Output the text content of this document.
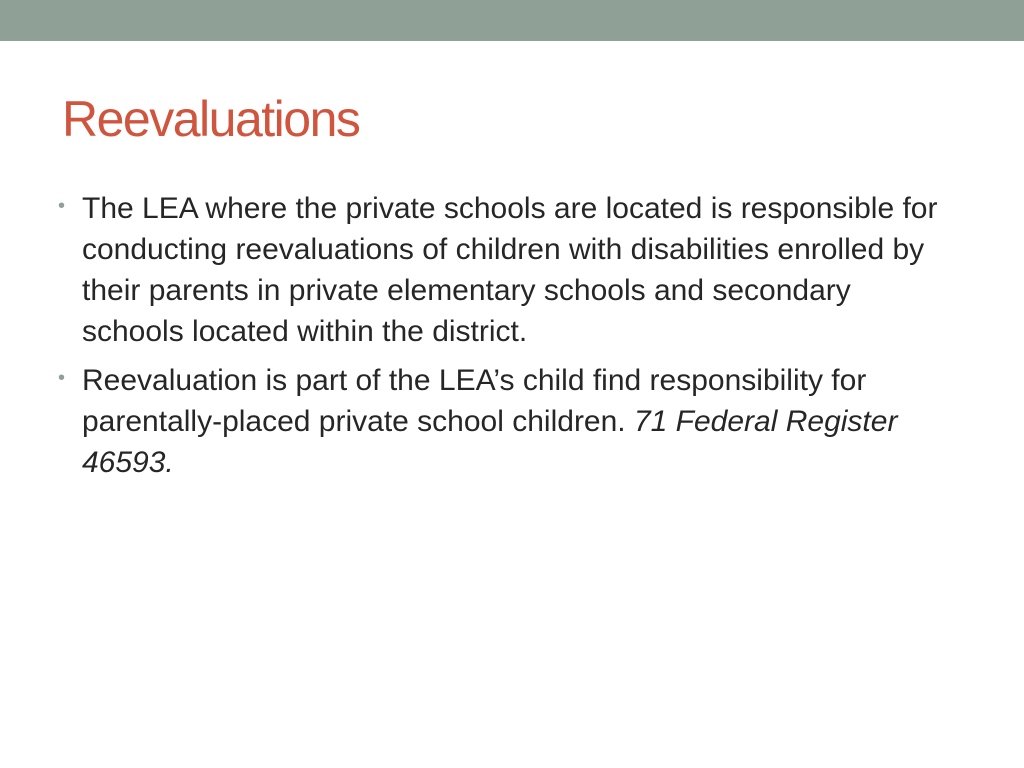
Reevaluations
• The LEA where the private schools are located is responsible for conducting reevaluations of children with disabilities enrolled by their parents in private elementary schools and secondary schools located within the district.
• Reevaluation is part of the LEA’s child find responsibility for parentally-placed private school children. 71 Federal Register 46593.
